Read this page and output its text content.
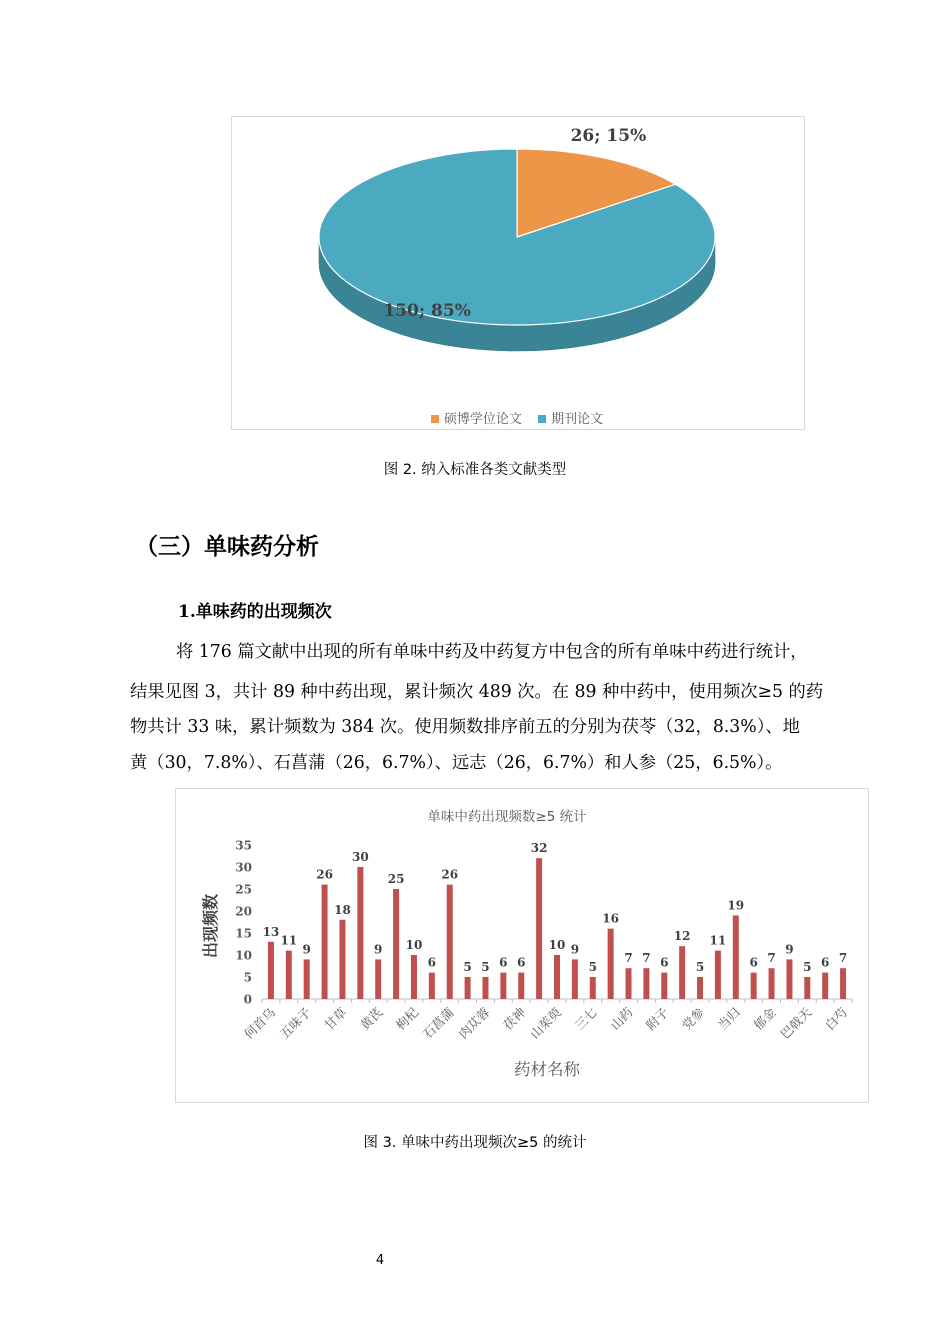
26; 15%
150; 85%
硕博学位论文 期刊论文
图 2. 纳入标准各类文献类型
（三）单味药分析
1.单味药的出现频次
将 176 篇文献中出现的所有单味中药及中药复方中包含的所有单味中药进行统计，
结果见图 3，共计 89 种中药出现，累计频次 489 次。在 89 种中药中，使用频次≥5 的药
物共计 33 味，累计频数为 384 次。使用频数排序前五的分别为茯苓（32，8.3%）、地
黄（30，7.8%）、石菖蒲（26，6.7%）、远志（26，6.7%）和人参（25，6.5%）。
单味中药出现频数≥5 统计
0
5
10
15
20
25
30
35
出现频数	13
11
9
26
18
30
9
25
10
6
26
5 5 6 6
32
10 9
5
16
7 7 6
12
5
11
19
6 7
9
5 6 7
何首乌
五味子 甘草 黄芪 枸杞
石菖蒲
肉苁蓉 茯神
山茱萸 三七 山药 附子 党参 当归 郁金
巴戟天 白芍
药材名称
图 3. 单味中药出现频次≥5 的统计
4
